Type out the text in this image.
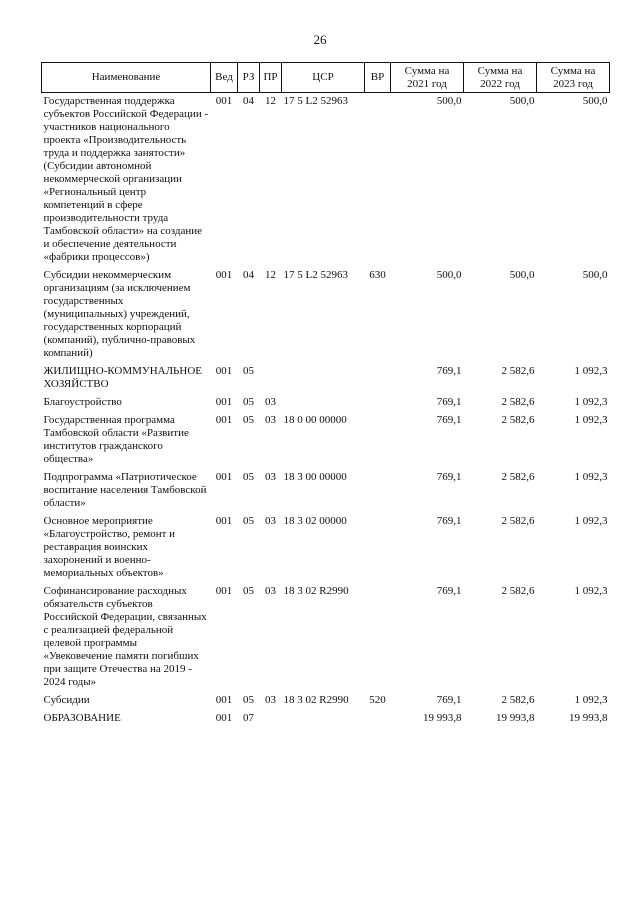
26
Наименование	Вед	РЗ	ПР	ЦСР	ВР	Сумма на 2021 год	Сумма на 2022 год	Сумма на 2023 год
Государственная поддержка субъектов Российской Федерации - участников национального проекта «Производительность труда и поддержка занятости» (Субсидии автономной некоммерческой организации «Региональный центр компетенций в сфере производительности труда Тамбовской области» на создание и обеспечение деятельности «фабрики процессов»)	001	04	12	17 5 L2 52963		500,0	500,0	500,0
Субсидии некоммерческим организациям (за исключением государственных (муниципальных) учреждений, государственных корпораций (компаний), публично-правовых компаний)	001	04	12	17 5 L2 52963	630	500,0	500,0	500,0
ЖИЛИЩНО-КОММУНАЛЬНОЕ ХОЗЯЙСТВО	001	05				769,1	2 582,6	1 092,3
Благоустройство	001	05	03			769,1	2 582,6	1 092,3
Государственная программа Тамбовской области «Развитие институтов гражданского общества»	001	05	03	18 0 00 00000		769,1	2 582,6	1 092,3
Подпрограмма «Патриотическое воспитание населения Тамбовской области»	001	05	03	18 3 00 00000		769,1	2 582,6	1 092,3
Основное мероприятие «Благоустройство, ремонт и реставрация воинских захоронений и военно-мемориальных объектов»	001	05	03	18 3 02 00000		769,1	2 582,6	1 092,3
Софинансирование расходных обязательств субъектов Российской Федерации, связанных с реализацией федеральной целевой программы «Увековечение памяти погибших при защите Отечества на 2019 - 2024 годы»	001	05	03	18 3 02 R2990		769,1	2 582,6	1 092,3
Субсидии	001	05	03	18 3 02 R2990	520	769,1	2 582,6	1 092,3
ОБРАЗОВАНИЕ	001	07				19 993,8	19 993,8	19 993,8
